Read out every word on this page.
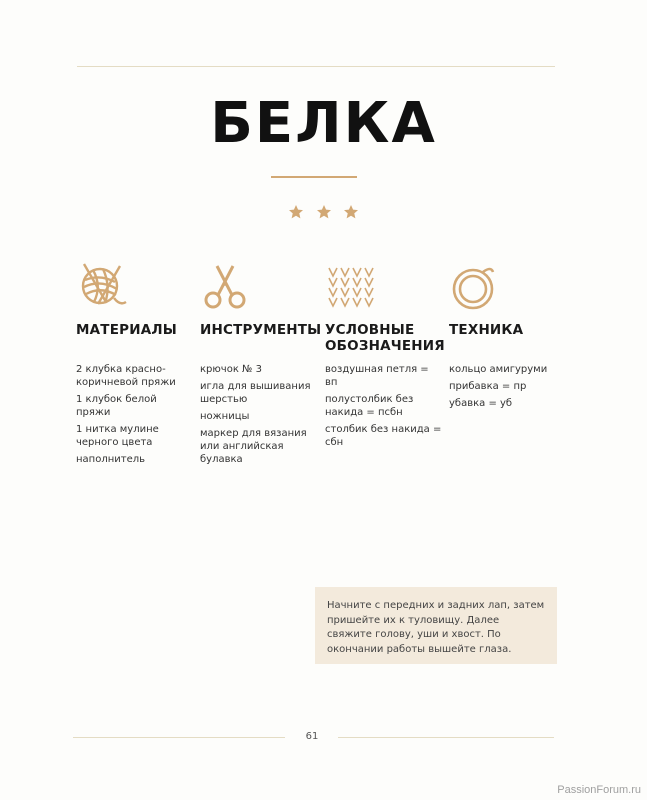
БЕЛКА

МАТЕРИАЛЫ
2 клубка красно-коричневой пряжи
1 клубок белой пряжи
1 нитка мулине черного цвета
наполнитель
ИНСТРУМЕНТЫ
крючок № 3
игла для вышивания шерстью
ножницы
маркер для вязания или английская булавка
УСЛОВНЫЕ ОБОЗНАЧЕНИЯ
воздушная петля = вп
полустолбик без накида = псбн
столбик без накида = сбн
ТЕХНИКА
кольцо амигуруми
прибавка = пр
убавка = уб
Начните с передних и задних лап, затем пришейте их к туловищу. Далее свяжите голову, уши и хвост. По окончании работы вышейте глаза.
61
PassionForum.ru
